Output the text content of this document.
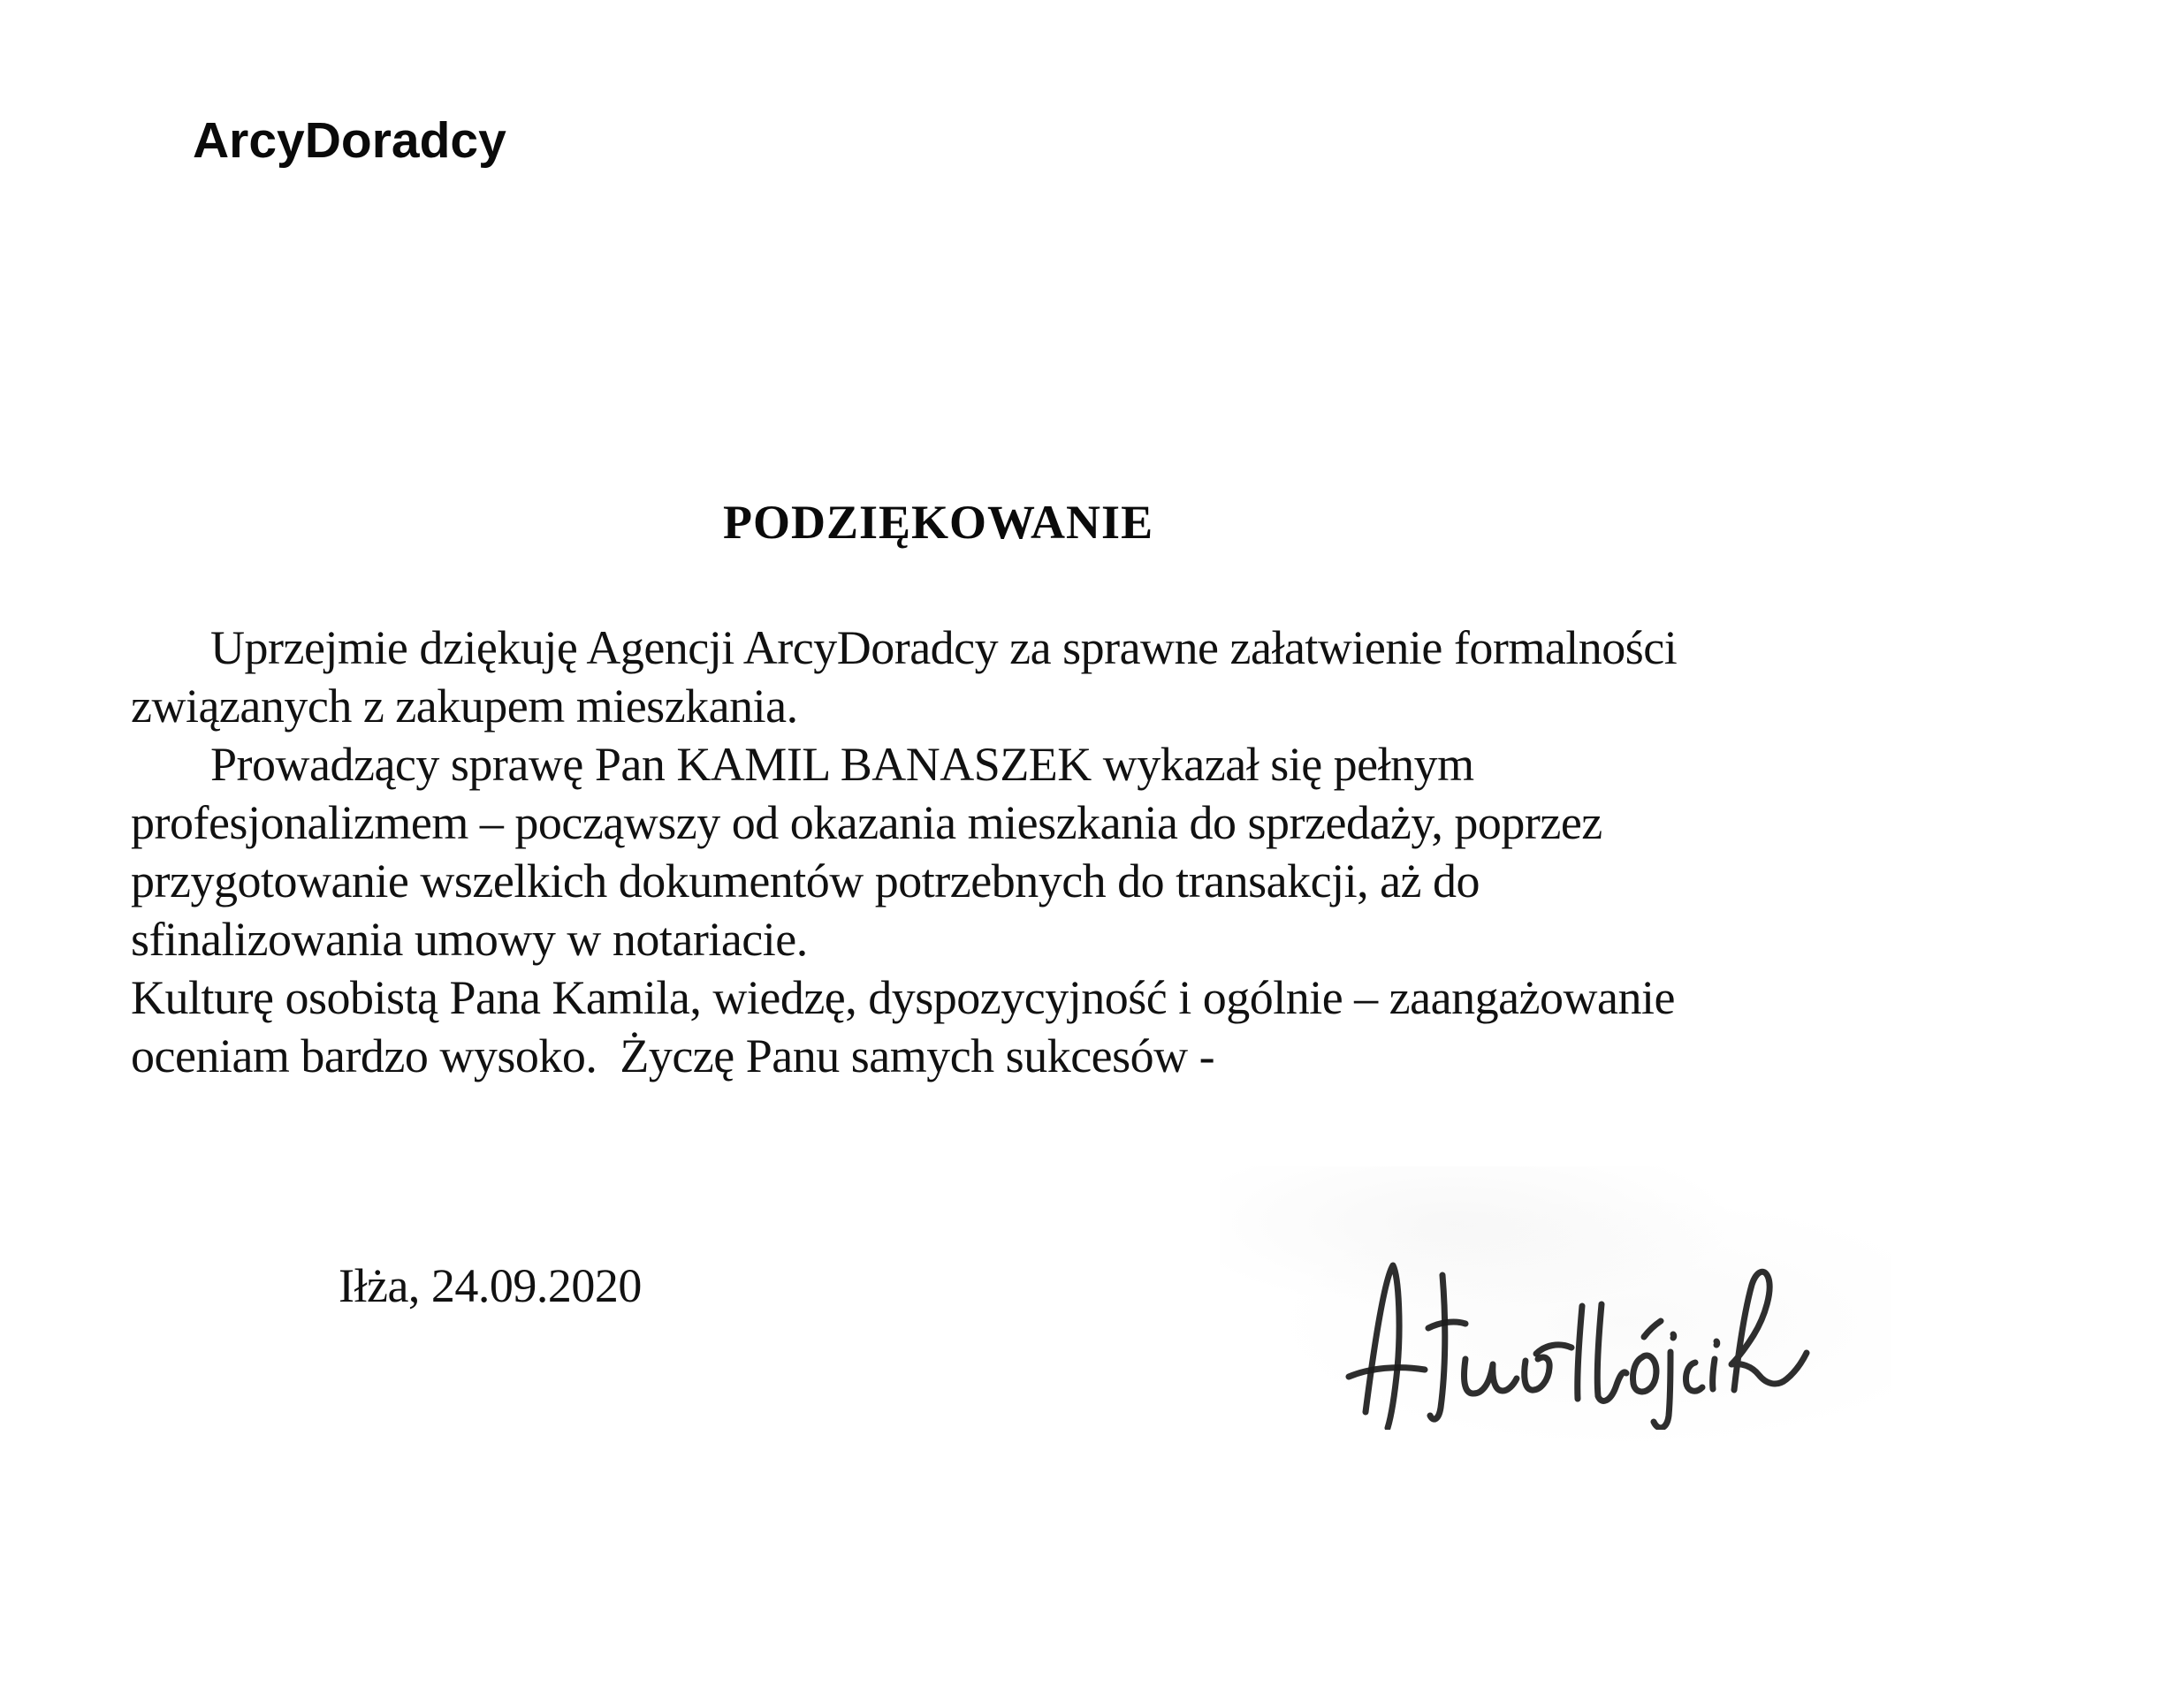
ArcyDoradcy
PODZIĘKOWANIE
Uprzejmie dziękuję Agencji ArcyDoradcy za sprawne załatwienie formalności
związanych z zakupem mieszkania.
Prowadzący sprawę Pan KAMIL BANASZEK wykazał się pełnym
profesjonalizmem – począwszy od okazania mieszkania do sprzedaży, poprzez
przygotowanie wszelkich dokumentów potrzebnych do transakcji, aż do
sfinalizowania umowy w notariacie.
Kulturę osobistą Pana Kamila, wiedzę, dyspozycyjność i ogólnie – zaangażowanie
oceniam bardzo wysoko.  Życzę Panu samych sukcesów -
Iłża, 24.09.2020
